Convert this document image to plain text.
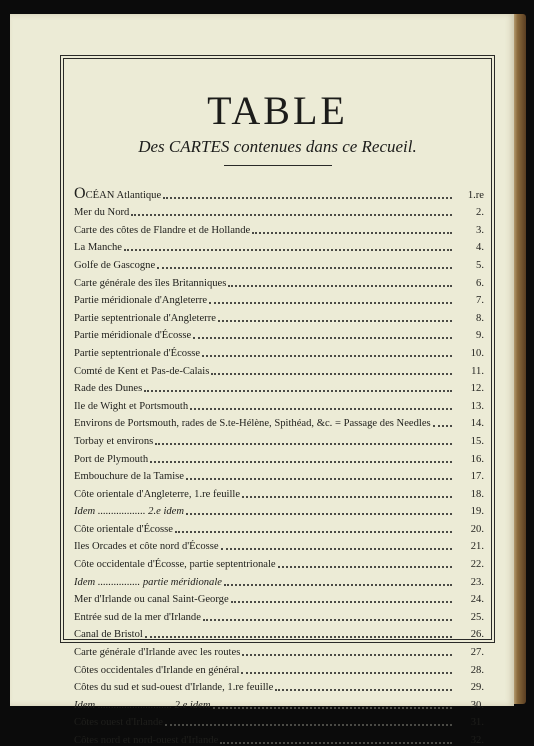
TABLE
Des CARTES contenues dans ce Recueil.
OCÉAN Atlantique	1.re
Mer du Nord	2.
Carte des côtes de Flandre et de Hollande	3.
La Manche	4.
Golfe de Gascogne	5.
Carte générale des îles Britanniques	6.
Partie méridionale d'Angleterre	7.
Partie septentrionale d'Angleterre	8.
Partie méridionale d'Écosse	9.
Partie septentrionale d'Écosse	10.
Comté de Kent et Pas-de-Calais	11.
Rade des Dunes	12.
Ile de Wight et Portsmouth	13.
Environs de Portsmouth, rades de S.te-Hélène, Spithéad, &c. = Passage des Needles	14.
Torbay et environs	15.
Port de Plymouth	16.
Embouchure de la Tamise	17.
Côte orientale d'Angleterre, 1.re feuille	18.
Idem .................. 2.e idem	19.
Côte orientale d'Écosse	20.
Iles Orcades et côte nord d'Écosse	21.
Côte occidentale d'Écosse, partie septentrionale	22.
Idem ................ partie méridionale	23.
Mer d'Irlande ou canal Saint-George	24.
Entrée sud de la mer d'Irlande	25.
Canal de Bristol	26.
Carte générale d'Irlande avec les routes	27.
Côtes occidentales d'Irlande en général	28.
Côtes du sud et sud-ouest d'Irlande, 1.re feuille	29.
Idem ............................ 2.e idem	30.
Côtes ouest d'Irlande	31.
Côtes nord et nord-ouest d'Irlande	32.
